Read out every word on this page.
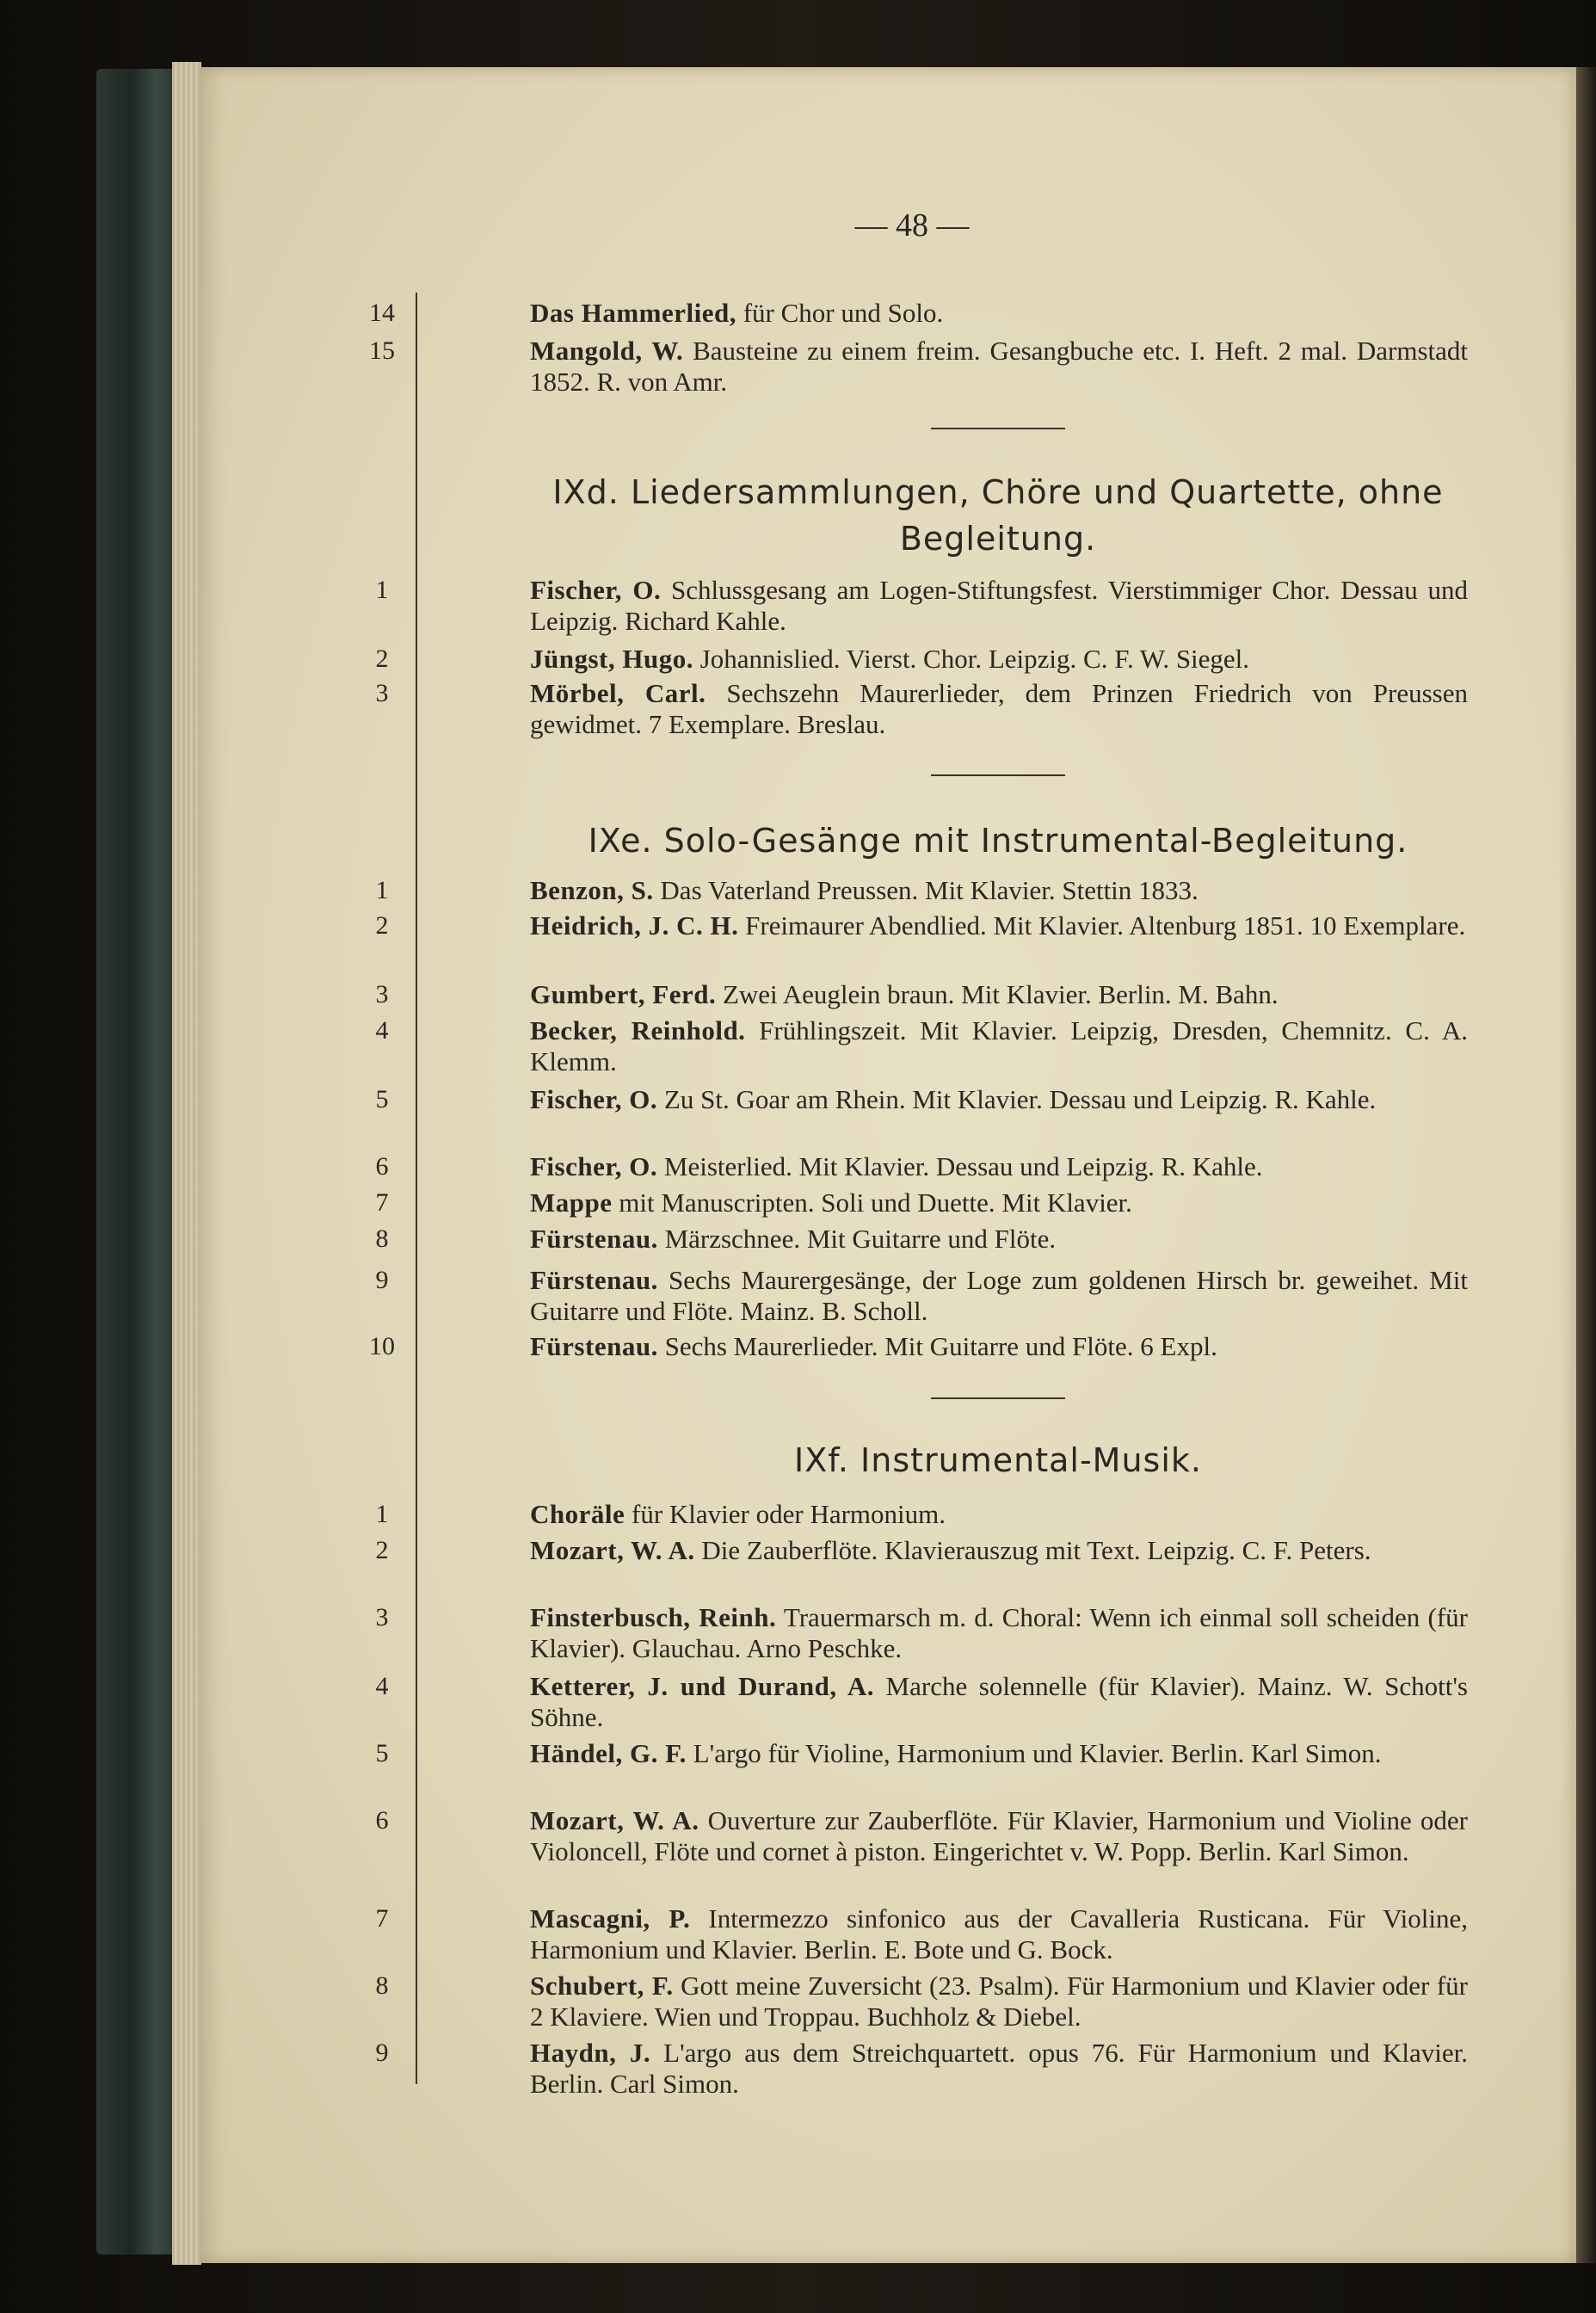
— 48 —
14	Das Hammerlied, für Chor und Solo.
15	Mangold, W. Bausteine zu einem freim. Gesangbuche etc. I. Heft. 2 mal. Darmstadt 1852. R. von Amr.
IXd. Liedersammlungen, Chöre und Quartette, ohne Begleitung.
1	Fischer, O. Schlussgesang am Logen-Stiftungsfest. Vierstimmiger Chor. Dessau und Leipzig. Richard Kahle.
2	Jüngst, Hugo. Johannislied. Vierst. Chor. Leipzig. C. F. W. Siegel.
3	Mörbel, Carl. Sechszehn Maurerlieder, dem Prinzen Friedrich von Preussen gewidmet. 7 Exemplare. Breslau.
IXe. Solo-Gesänge mit Instrumental-Begleitung.
1	Benzon, S. Das Vaterland Preussen. Mit Klavier. Stettin 1833.
2	Heidrich, J. C. H. Freimaurer Abendlied. Mit Klavier. Altenburg 1851. 10 Exemplare.
3	Gumbert, Ferd. Zwei Aeuglein braun. Mit Klavier. Berlin. M. Bahn.
4	Becker, Reinhold. Frühlingszeit. Mit Klavier. Leipzig, Dresden, Chemnitz. C. A. Klemm.
5	Fischer, O. Zu St. Goar am Rhein. Mit Klavier. Dessau und Leipzig. R. Kahle.
6	Fischer, O. Meisterlied. Mit Klavier. Dessau und Leipzig. R. Kahle.
7	Mappe mit Manuscripten. Soli und Duette. Mit Klavier.
8	Fürstenau. Märzschnee. Mit Guitarre und Flöte.
9	Fürstenau. Sechs Maurergesänge, der Loge zum goldenen Hirsch br. geweihet. Mit Guitarre und Flöte. Mainz. B. Scholl.
10	Fürstenau. Sechs Maurerlieder. Mit Guitarre und Flöte. 6 Expl.
IXf. Instrumental-Musik.
1	Choräle für Klavier oder Harmonium.
2	Mozart, W. A. Die Zauberflöte. Klavierauszug mit Text. Leipzig. C. F. Peters.
3	Finsterbusch, Reinh. Trauermarsch m. d. Choral: Wenn ich einmal soll scheiden (für Klavier). Glauchau. Arno Peschke.
4	Ketterer, J. und Durand, A. Marche solennelle (für Klavier). Mainz. W. Schott's Söhne.
5	Händel, G. F. L'argo für Violine, Harmonium und Klavier. Berlin. Karl Simon.
6	Mozart, W. A. Ouverture zur Zauberflöte. Für Klavier, Harmonium und Violine oder Violoncell, Flöte und cornet à piston. Eingerichtet v. W. Popp. Berlin. Karl Simon.
7	Mascagni, P. Intermezzo sinfonico aus der Cavalleria Rusticana. Für Violine, Harmonium und Klavier. Berlin. E. Bote und G. Bock.
8	Schubert, F. Gott meine Zuversicht (23. Psalm). Für Harmonium und Klavier oder für 2 Klaviere. Wien und Troppau. Buchholz & Diebel.
9	Haydn, J. L'argo aus dem Streichquartett. opus 76. Für Harmonium und Klavier. Berlin. Carl Simon.
